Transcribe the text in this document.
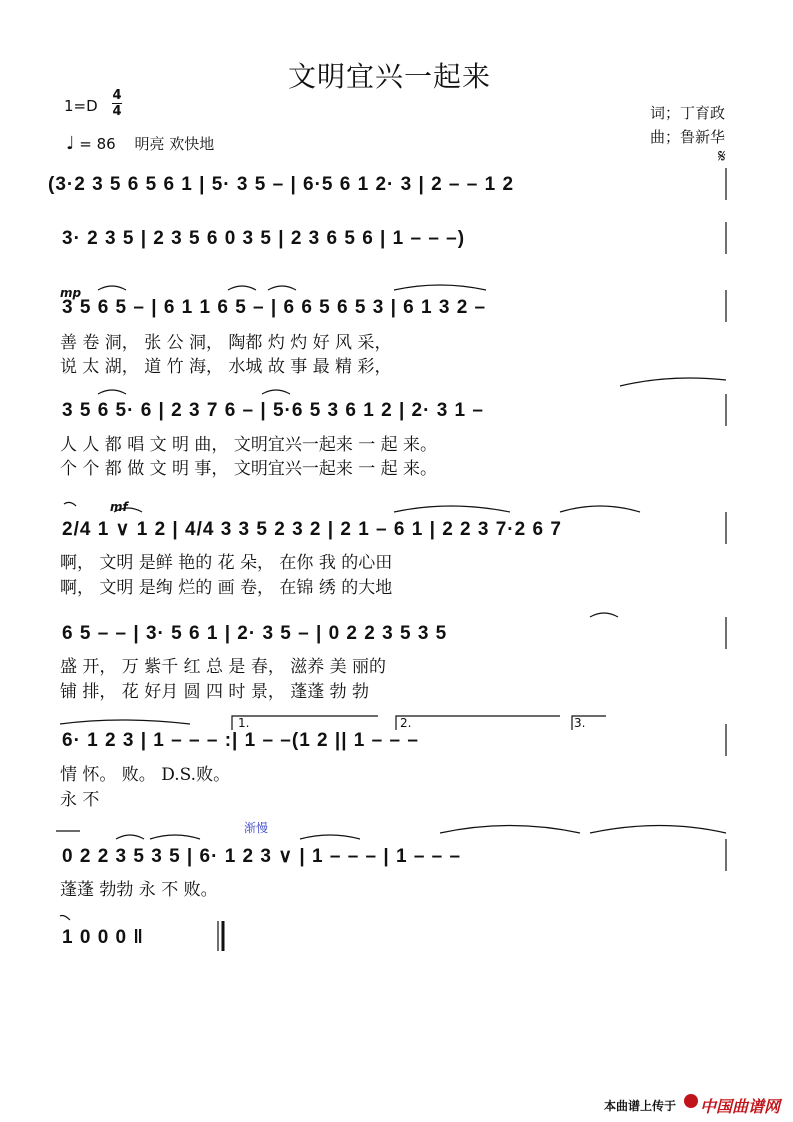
文明宜兴一起来
1=D
4
4
♩ = 86 明亮 欢快地
词；丁育政
曲；鲁新华
𝄋
(3·2 3 5 6 5 6 1 | 5· 3 5 – | 6·5 6 1 2· 3 | 2 – – 1 2
3· 2 3 5 | 2 3 5 6 0 3 5 | 2 3 6 5 6 | 1 – – –)
mp
3 5 6 5 – | 6 1 1 6 5 – | 6 6 5 6 5 3 | 6 1 3 2 –
善 卷 洞， 张 公 洞， 陶都 灼 灼 好 风 采，
说 太 湖， 道 竹 海， 水城 故 事 最 精 彩，
3 5 6 5· 6 | 2 3 7 6 – | 5·6 5 3 6 1 2 | 2· 3 1 –
人 人 都 唱 文 明 曲， 文明宜兴一起来 一 起 来。
个 个 都 做 文 明 事， 文明宜兴一起来 一 起 来。
mf
2/4 1 ∨ 1 2 | 4/4 3 3 5 2 3 2 | 2 1 – 6 1 | 2 2 3 7·2 6 7
啊， 文明 是鲜 艳的 花 朵， 在你 我 的心田
啊， 文明 是绚 烂的 画 卷， 在锦 绣 的大地
6 5 – – | 3· 5 6 1 | 2· 3 5 – | 0 2 2 3 5 3 5
盛 开， 万 紫千 红 总 是 春， 滋养 美 丽的
铺 排， 花 好月 圆 四 时 景， 蓬蓬 勃 勃
1.	2.	3.
6· 1 2 3 | 1 – – – :| 1 – –(1 2 || 1 – – –
情 怀。 败。 D.S.败。
永 不
渐慢
0 2 2 3 5 3 5 | 6· 1 2 3 ∨ | 1 – – – | 1 – – –
蓬蓬 勃勃 永 不 败。
1 0 0 0 ‖
本曲谱上传于 中国曲谱网
